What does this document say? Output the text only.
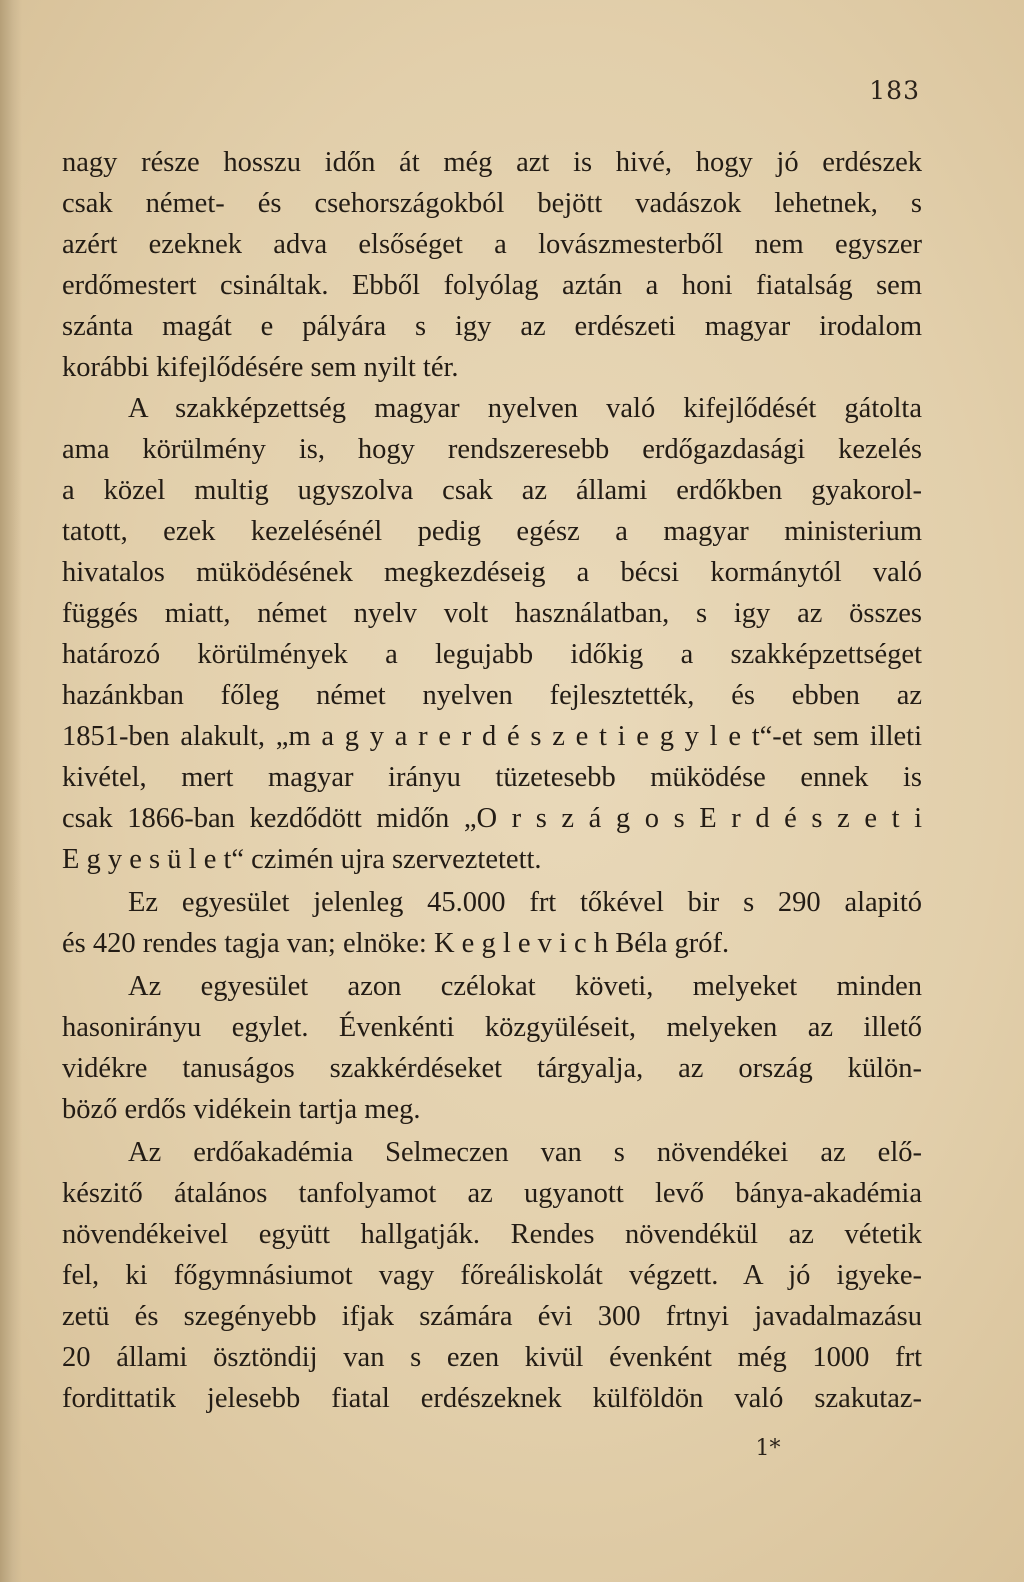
183
nagy része hosszu időn át még azt is hivé, hogy jó erdészek
csak német- és csehországokból bejött vadászok lehetnek, s
azért ezeknek adva elsőséget a lovászmesterből nem egyszer
erdőmestert csináltak. Ebből folyólag aztán a honi fiatalság sem
szánta magát e pályára s igy az erdészeti magyar irodalom
korábbi kifejlődésére sem nyilt tér.
A szakképzettség magyar nyelven való kifejlődését gátolta
ama körülmény is, hogy rendszeresebb erdőgazdasági kezelés
a közel multig ugyszolva csak az állami erdőkben gyakorol-
tatott, ezek kezelésénél pedig egész a magyar ministerium
hivatalos müködésének megkezdéseig a bécsi kormánytól való
függés miatt, német nyelv volt használatban, s igy az összes
határozó körülmények a legujabb időkig a szakképzettséget
hazánkban főleg német nyelven fejlesztették, és ebben az
1851-ben alakult, „m a g y a r e r d é s z e t i e g y l e t“-et sem illeti
kivétel, mert magyar irányu tüzetesebb müködése ennek is
csak 1866-ban kezdődött midőn „O r s z á g o s E r d é s z e t i
E g y e s ü l e t“ czimén ujra szerveztetett.
Ez egyesület jelenleg 45.000 frt tőkével bir s 290 alapitó
és 420 rendes tagja van; elnöke: K e g l e v i c h Béla gróf.
Az egyesület azon czélokat követi, melyeket minden
hasonirányu egylet. Évenkénti közgyüléseit, melyeken az illető
vidékre tanuságos szakkérdéseket tárgyalja, az ország külön-
böző erdős vidékein tartja meg.
Az erdőakadémia Selmeczen van s növendékei az elő-
készitő átalános tanfolyamot az ugyanott levő bánya-akadémia
növendékeivel együtt hallgatják. Rendes növendékül az vétetik
fel, ki főgymnásiumot vagy főreáliskolát végzett. A jó igyeke-
zetü és szegényebb ifjak számára évi 300 frtnyi javadalmazásu
20 állami ösztöndij van s ezen kivül évenként még 1000 frt
fordittatik jelesebb fiatal erdészeknek külföldön való szakutaz-
1*
